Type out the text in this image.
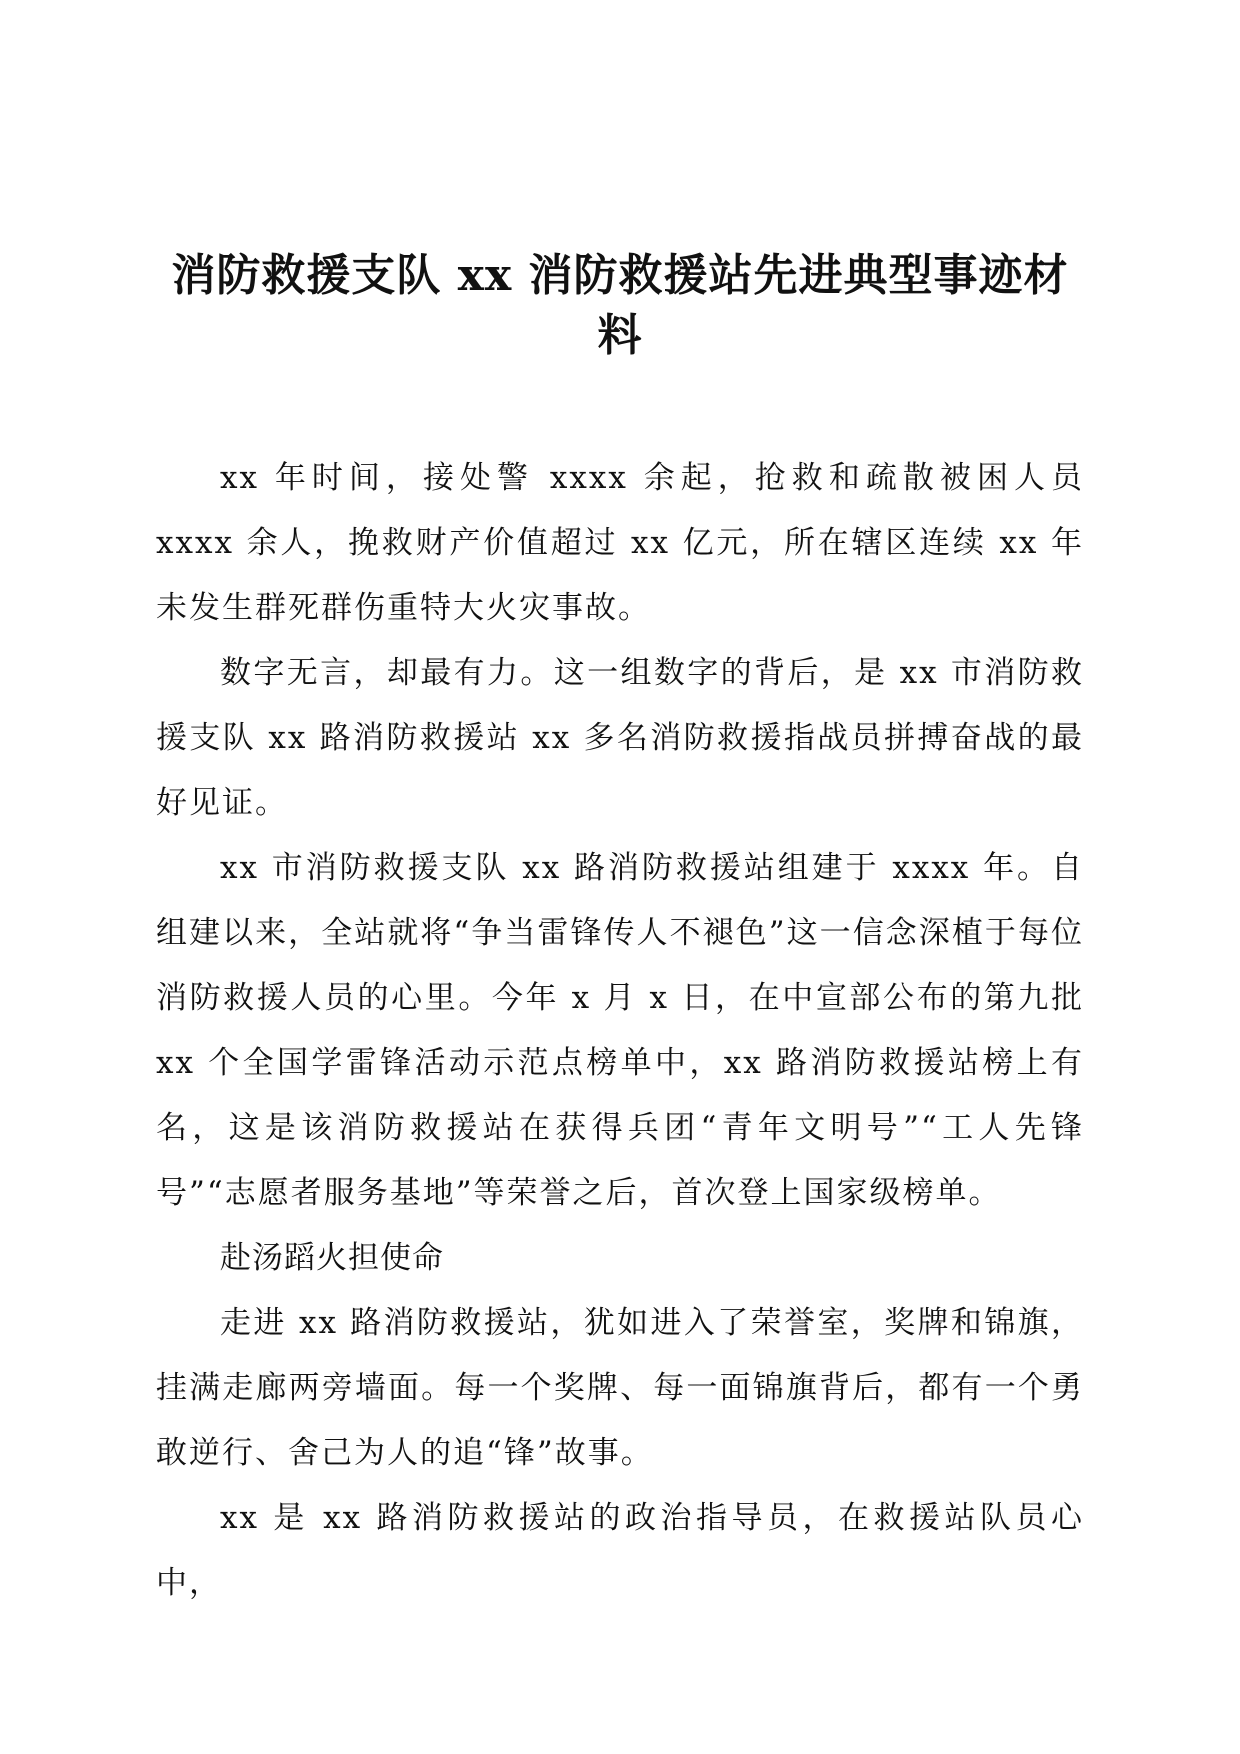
消防救援支队 xx 消防救援站先进典型事迹材
料

xx 年时间，接处警 xxxx 余起，抢救和疏散被困人员 xxxx 余人，挽救财产价值超过 xx 亿元，所在辖区连续 xx 年未发生群死群伤重特大火灾事故。

数字无言，却最有力。这一组数字的背后，是 xx 市消防救援支队 xx 路消防救援站 xx 多名消防救援指战员拼搏奋战的最好见证。

xx 市消防救援支队 xx 路消防救援站组建于 xxxx 年。自组建以来，全站就将“争当雷锋传人不褪色”这一信念深植于每位消防救援人员的心里。今年 x 月 x 日，在中宣部公布的第九批 xx 个全国学雷锋活动示范点榜单中，xx 路消防救援站榜上有名，这是该消防救援站在获得兵团“青年文明号”“工人先锋号”“志愿者服务基地”等荣誉之后，首次登上国家级榜单。

赴汤蹈火担使命

走进 xx 路消防救援站，犹如进入了荣誉室，奖牌和锦旗，挂满走廊两旁墙面。每一个奖牌、每一面锦旗背后，都有一个勇敢逆行、舍己为人的追“锋”故事。

xx 是 xx 路消防救援站的政治指导员，在救援站队员心中，
